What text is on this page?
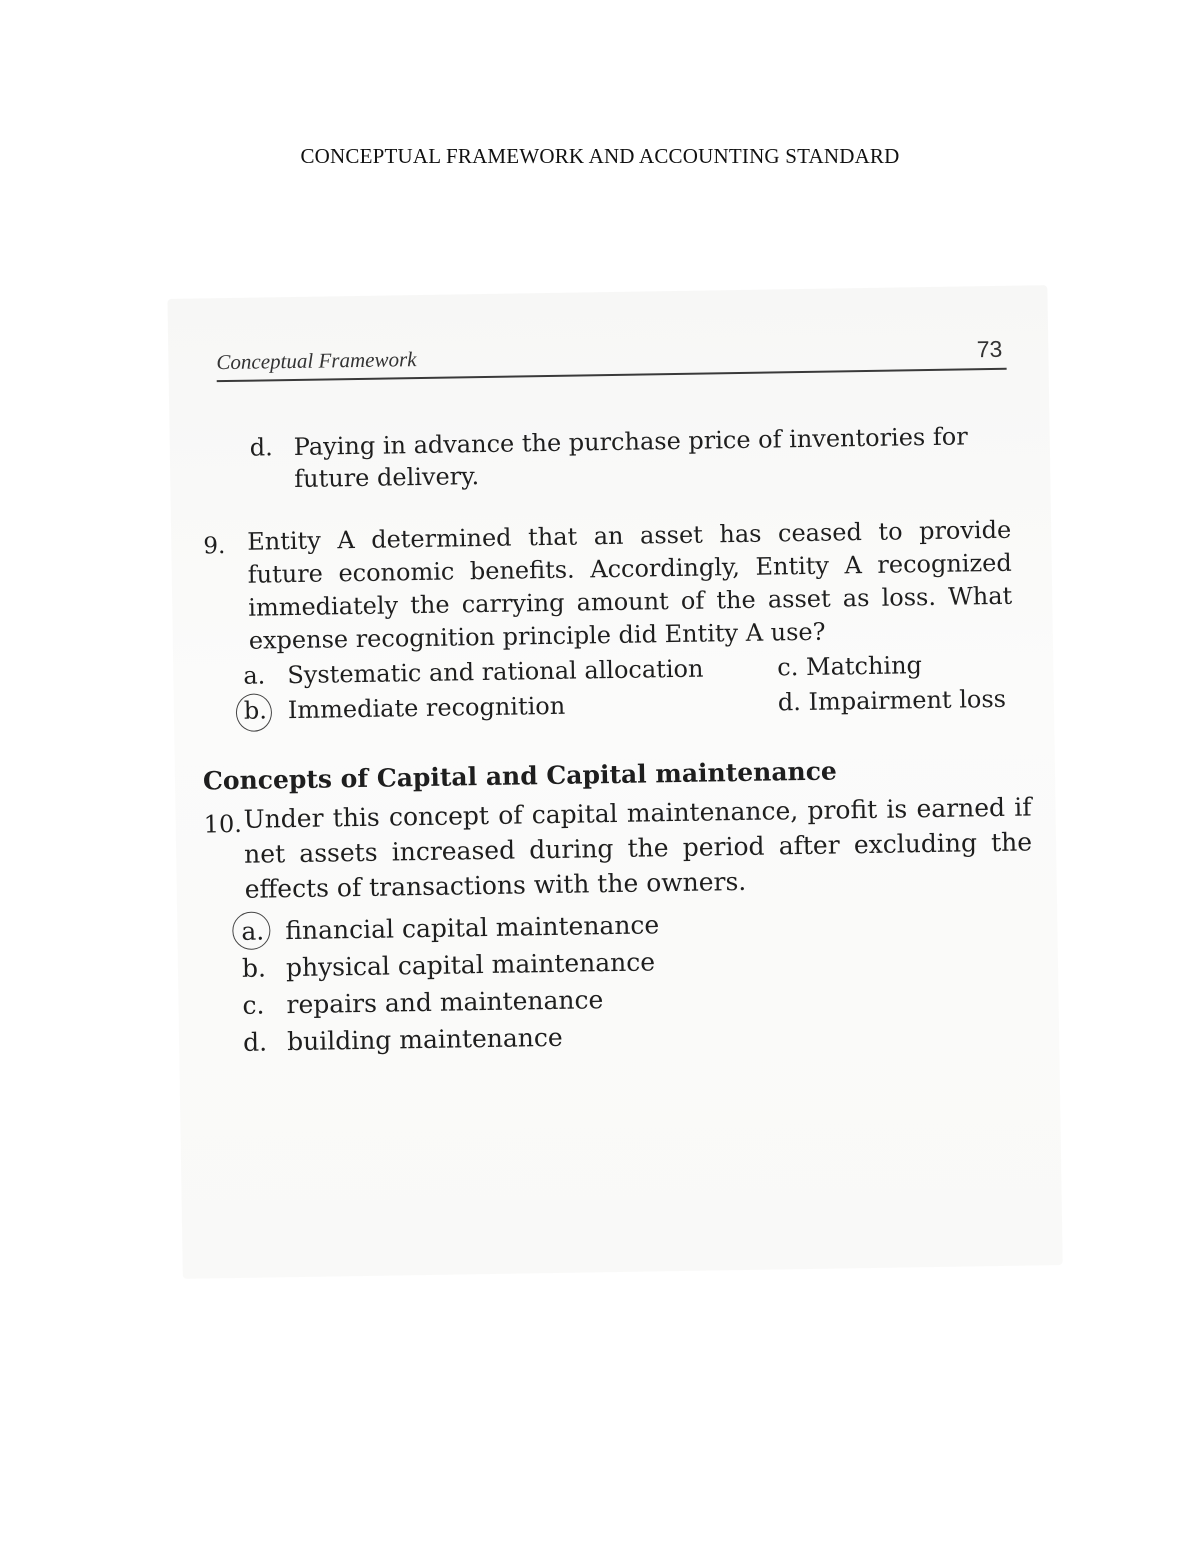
CONCEPTUAL FRAMEWORK AND ACCOUNTING STANDARD
Conceptual Framework	73
d. Paying in advance the purchase price of inventories for
future delivery.
9. Entity A determined that an asset has ceased to provide future economic benefits. Accordingly, Entity A recognized immediately the carrying amount of the asset as loss. What expense recognition principle did Entity A use?
a. Systematic and rational allocation
b. Immediate recognition
c. Matching
d. Impairment loss
Concepts of Capital and Capital maintenance
10. Under this concept of capital maintenance, profit is earned if net assets increased during the period after excluding the effects of transactions with the owners.
a. financial capital maintenance
b. physical capital maintenance
c. repairs and maintenance
d. building maintenance
